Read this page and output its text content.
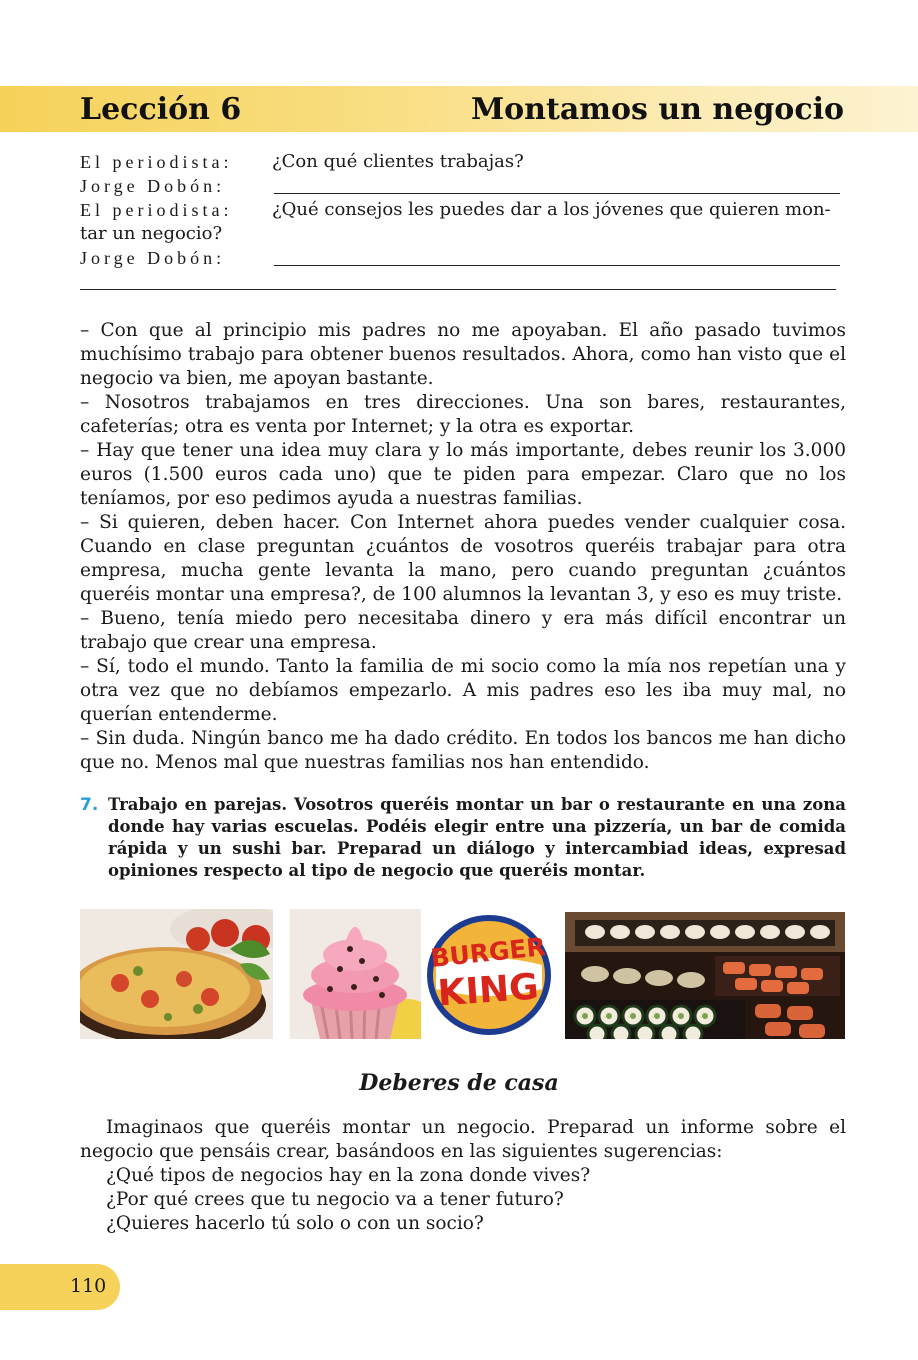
Lección 6	Montamos un negocio
El periodista: ¿Con qué clientes trabajas?
Jorge Dobón:
El periodista: ¿Qué consejos les puedes dar a los jóvenes que quieren mon-
tar un negocio?
Jorge Dobón:

– Con que al principio mis padres no me apoyaban. El año pasado tuvimos muchísimo trabajo para obtener buenos resultados. Ahora, como han visto que el negocio va bien, me apoyan bastante.

– Nosotros trabajamos en tres direcciones. Una son bares, restaurantes, cafeterías; otra es venta por Internet; y la otra es exportar.

– Hay que tener una idea muy clara y lo más importante, debes reunir los 3.000 euros (1.500 euros cada uno) que te piden para empezar. Claro que no los teníamos, por eso pedimos ayuda a nuestras familias.

– Si quieren, deben hacer. Con Internet ahora puedes vender cualquier cosa. Cuando en clase preguntan ¿cuántos de vosotros queréis trabajar para otra empresa, mucha gente levanta la mano, pero cuando preguntan ¿cuántos queréis montar una empresa?, de 100 alumnos la levantan 3, y eso es muy triste.

– Bueno, tenía miedo pero necesitaba dinero y era más difícil encontrar un trabajo que crear una empresa.

– Sí, todo el mundo. Tanto la familia de mi socio como la mía nos repetían una y otra vez que no debíamos empezarlo. A mis padres eso les iba muy mal, no querían entenderme.

– Sin duda. Ningún banco me ha dado crédito. En todos los bancos me han dicho que no. Menos mal que nuestras familias nos han entendido.

7. Trabajo en parejas. Vosotros queréis montar un bar o restaurante en una zona donde hay varias escuelas. Podéis elegir entre una pizzería, un bar de comida rápida y un sushi bar. Preparad un diálogo y intercambiad ideas, expresad opiniones respecto al tipo de negocio que queréis montar.
BURGER
KING
Deberes de casa

Imaginaos que queréis montar un negocio. Preparad un informe sobre el negocio que pensáis crear, basándoos en las siguientes sugerencias:

¿Qué tipos de negocios hay en la zona donde vives?

¿Por qué crees que tu negocio va a tener futuro?

¿Quieres hacerlo tú solo o con un socio?

110
